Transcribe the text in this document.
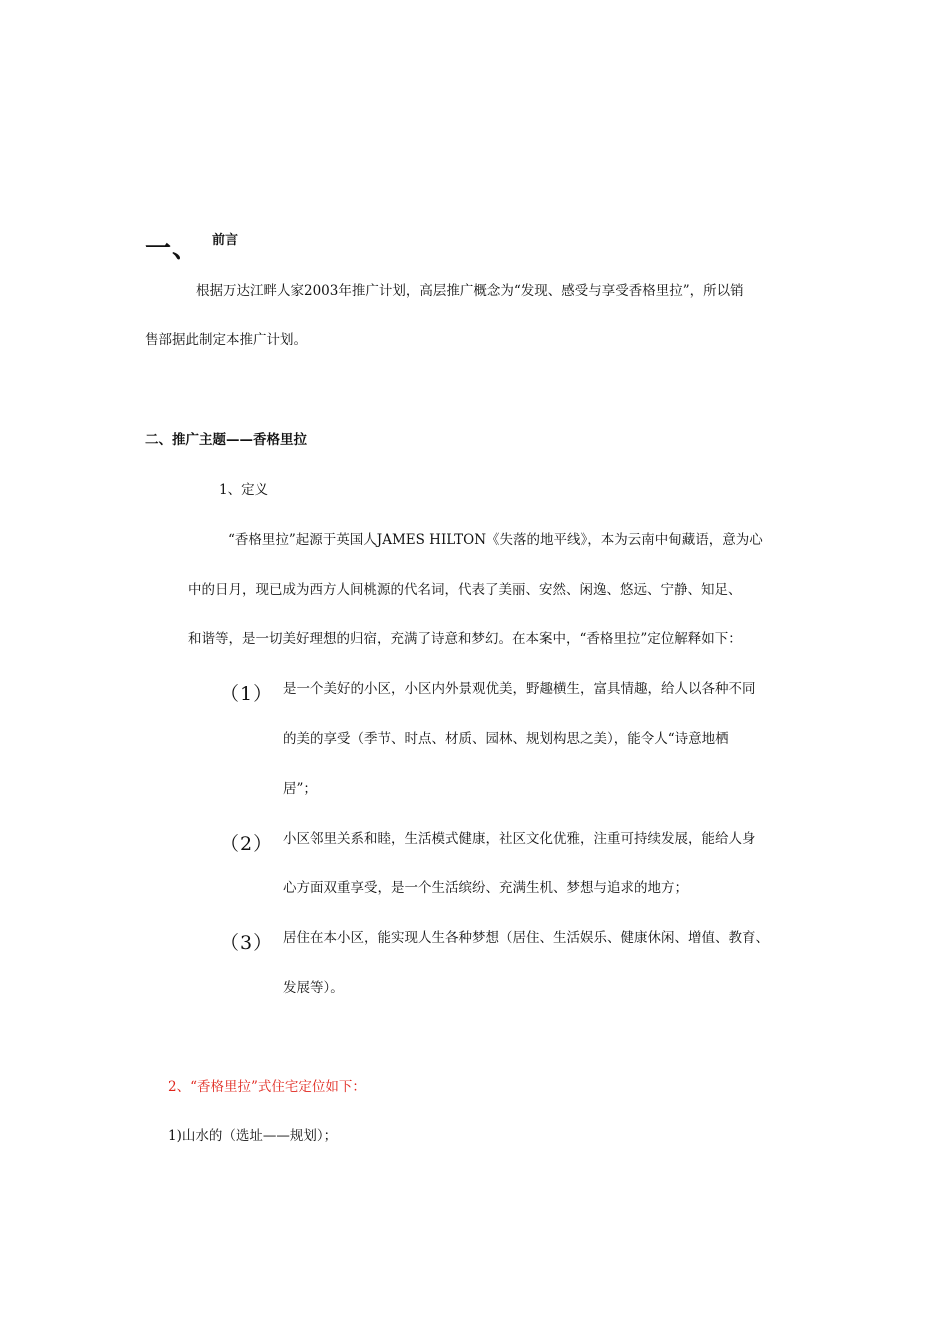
一、 前言
根据万达江畔人家2003年推广计划，高层推广概念为“发现、感受与享受香格里拉”，所以销
售部据此制定本推广计划。
二、推广主题——香格里拉
1、定义
“香格里拉”起源于英国人JAMES HILTON《失落的地平线》，本为云南中甸藏语，意为心
中的日月，现已成为西方人间桃源的代名词，代表了美丽、安然、闲逸、悠远、宁静、知足、
和谐等，是一切美好理想的归宿，充满了诗意和梦幻。在本案中，“香格里拉”定位解释如下：
（1） 是一个美好的小区，小区内外景观优美，野趣横生，富具情趣，给人以各种不同
的美的享受（季节、时点、材质、园林、规划构思之美），能令人“诗意地栖
居”；
（2） 小区邻里关系和睦，生活模式健康，社区文化优雅，注重可持续发展，能给人身
心方面双重享受，是一个生活缤纷、充满生机、梦想与追求的地方；
（3） 居住在本小区，能实现人生各种梦想（居住、生活娱乐、健康休闲、增值、教育、
发展等）。
2、“香格里拉”式住宅定位如下：
1)山水的（选址——规划）；
